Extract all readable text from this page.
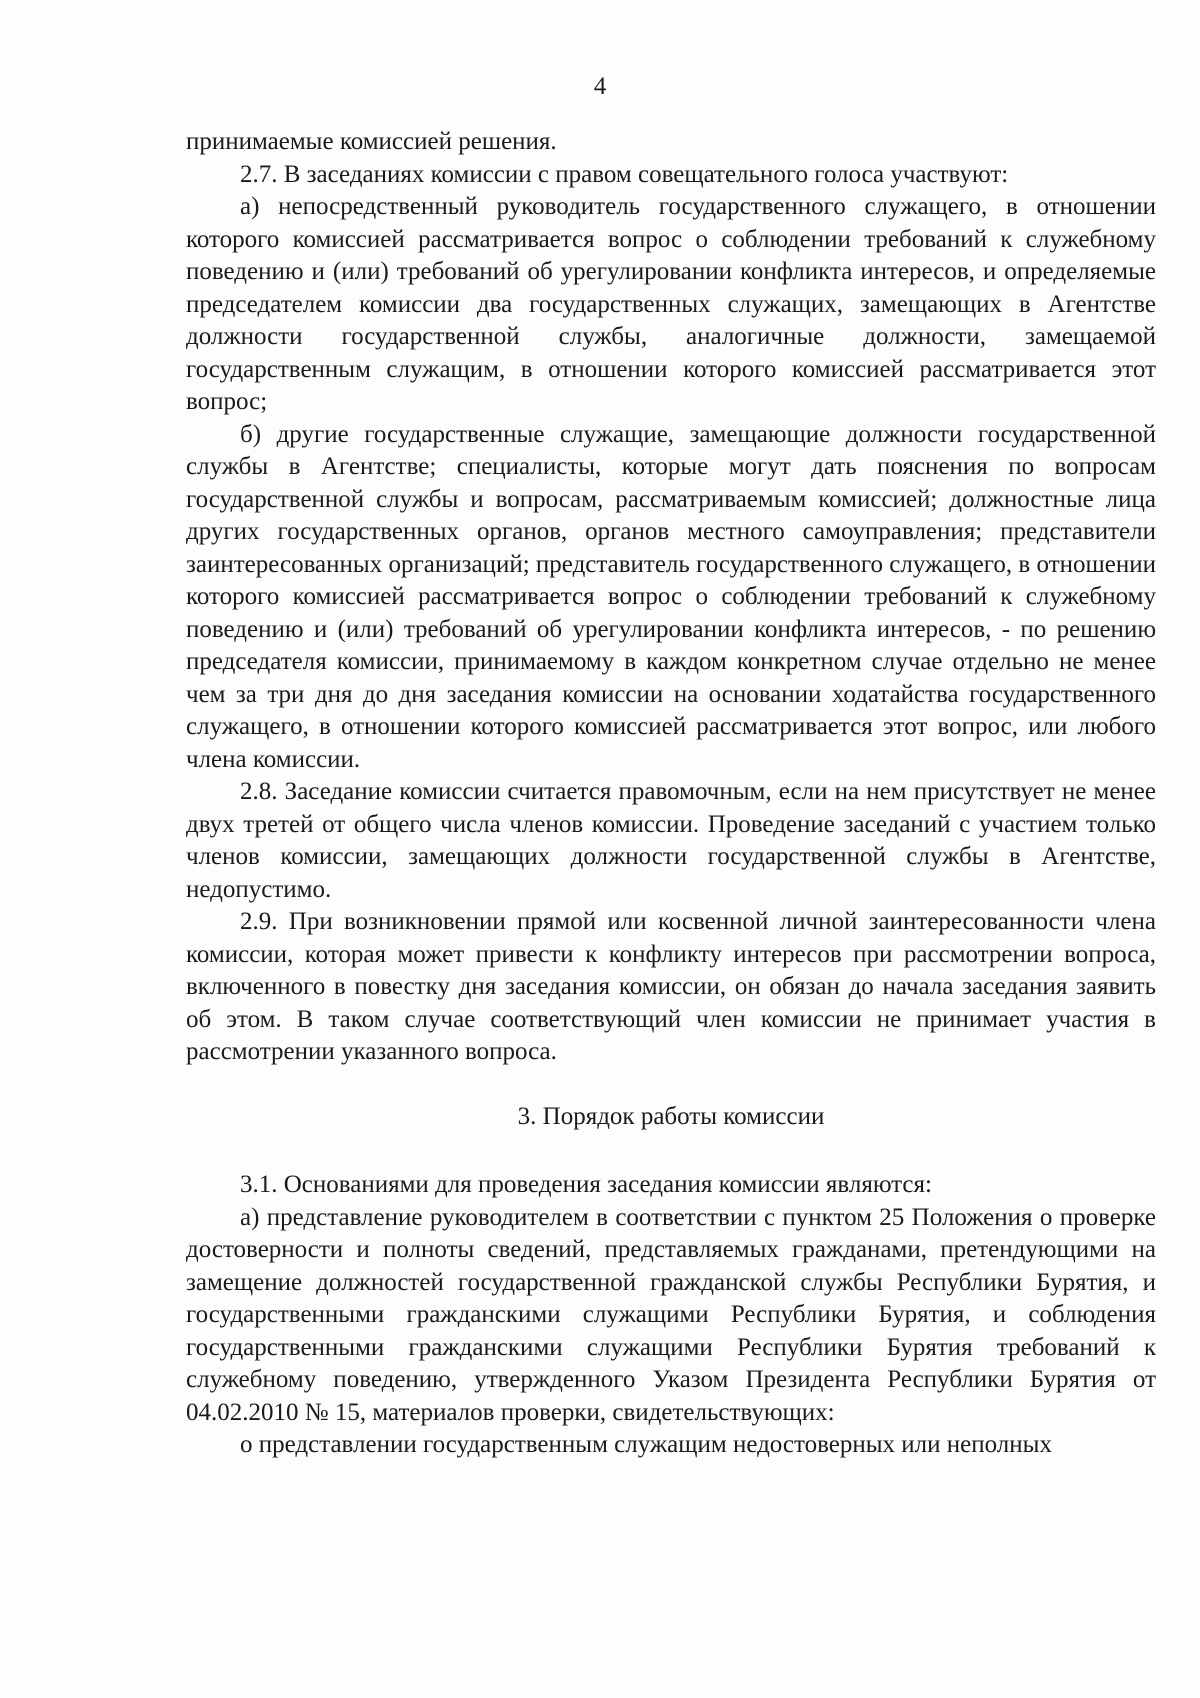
4

принимаемые комиссией решения.

2.7. В заседаниях комиссии с правом совещательного голоса участвуют:

а) непосредственный руководитель государственного служащего, в отношении которого комиссией рассматривается вопрос о соблюдении требований к служебному поведению и (или) требований об урегулировании конфликта интересов, и определяемые председателем комиссии два государственных служащих, замещающих в Агентстве должности государственной службы, аналогичные должности, замещаемой государственным служащим, в отношении которого комиссией рассматривается этот вопрос;

б) другие государственные служащие, замещающие должности государственной службы в Агентстве; специалисты, которые могут дать пояснения по вопросам государственной службы и вопросам, рассматриваемым комиссией; должностные лица других государственных органов, органов местного самоуправления; представители заинтересованных организаций; представитель государственного служащего, в отношении которого комиссией рассматривается вопрос о соблюдении требований к служебному поведению и (или) требований об урегулировании конфликта интересов, - по решению председателя комиссии, принимаемому в каждом конкретном случае отдельно не менее чем за три дня до дня заседания комиссии на основании ходатайства государственного служащего, в отношении которого комиссией рассматривается этот вопрос, или любого члена комиссии.

2.8. Заседание комиссии считается правомочным, если на нем присутствует не менее двух третей от общего числа членов комиссии. Проведение заседаний с участием только членов комиссии, замещающих должности государственной службы в Агентстве, недопустимо.

2.9. При возникновении прямой или косвенной личной заинтересованности члена комиссии, которая может привести к конфликту интересов при рассмотрении вопроса, включенного в повестку дня заседания комиссии, он обязан до начала заседания заявить об этом. В таком случае соответствующий член комиссии не принимает участия в рассмотрении указанного вопроса.

3. Порядок работы комиссии

3.1. Основаниями для проведения заседания комиссии являются:

а) представление руководителем в соответствии с пунктом 25 Положения о проверке достоверности и полноты сведений, представляемых гражданами, претендующими на замещение должностей государственной гражданской службы Республики Бурятия, и государственными гражданскими служащими Республики Бурятия, и соблюдения государственными гражданскими служащими Республики Бурятия требований к служебному поведению, утвержденного Указом Президента Республики Бурятия от 04.02.2010 № 15, материалов проверки, свидетельствующих:

о представлении государственным служащим недостоверных или неполных
